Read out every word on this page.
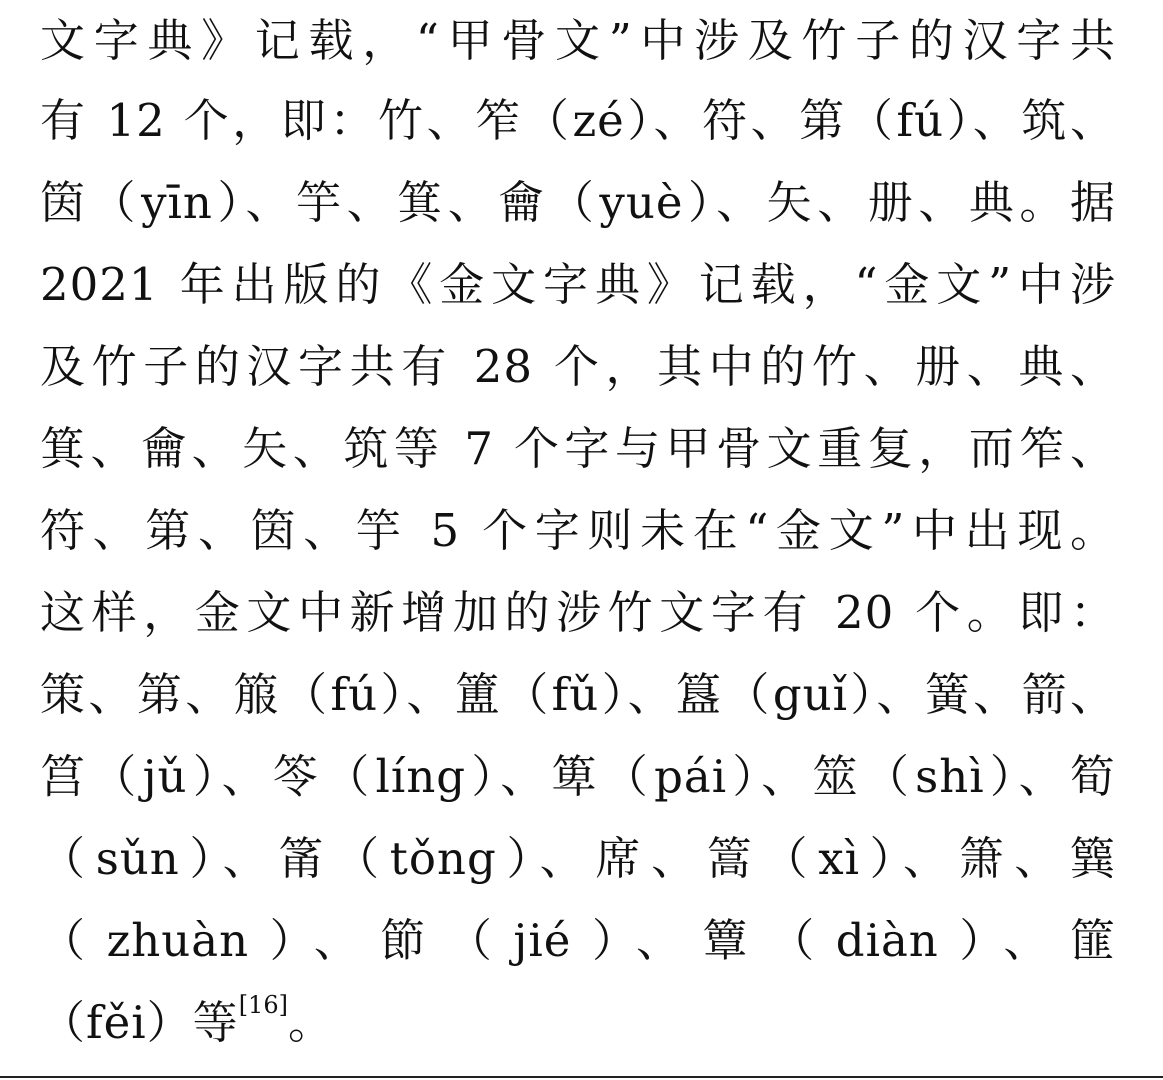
文字典》记载，“甲骨文”中涉及竹子的汉字共
有 12 个，即：竹、笮（zé）、符、第（fú）、筑、
筃（yīn）、竽、箕、龠（yuè）、矢、册、典。据
2021 年出版的《金文字典》记载，“金文”中涉
及竹子的汉字共有 28 个，其中的竹、册、典、
箕、龠、矢、筑等 7 个字与甲骨文重复，而笮、
符、第、筃、竽 5 个字则未在“金文”中出现。
这样，金文中新增加的涉竹文字有 20 个。即：
策、第、箙（fú）、簠（fǔ）、簋（guǐ）、簧、箭、
筥（jǔ）、笭（líng）、箄（pái）、筮（shì）、筍
（sǔn）、筩（tǒng）、席、篙（xì）、箫、簨
（zhuàn）、節（jié）、簟（diàn）、篚
（fěi）等[16]。
